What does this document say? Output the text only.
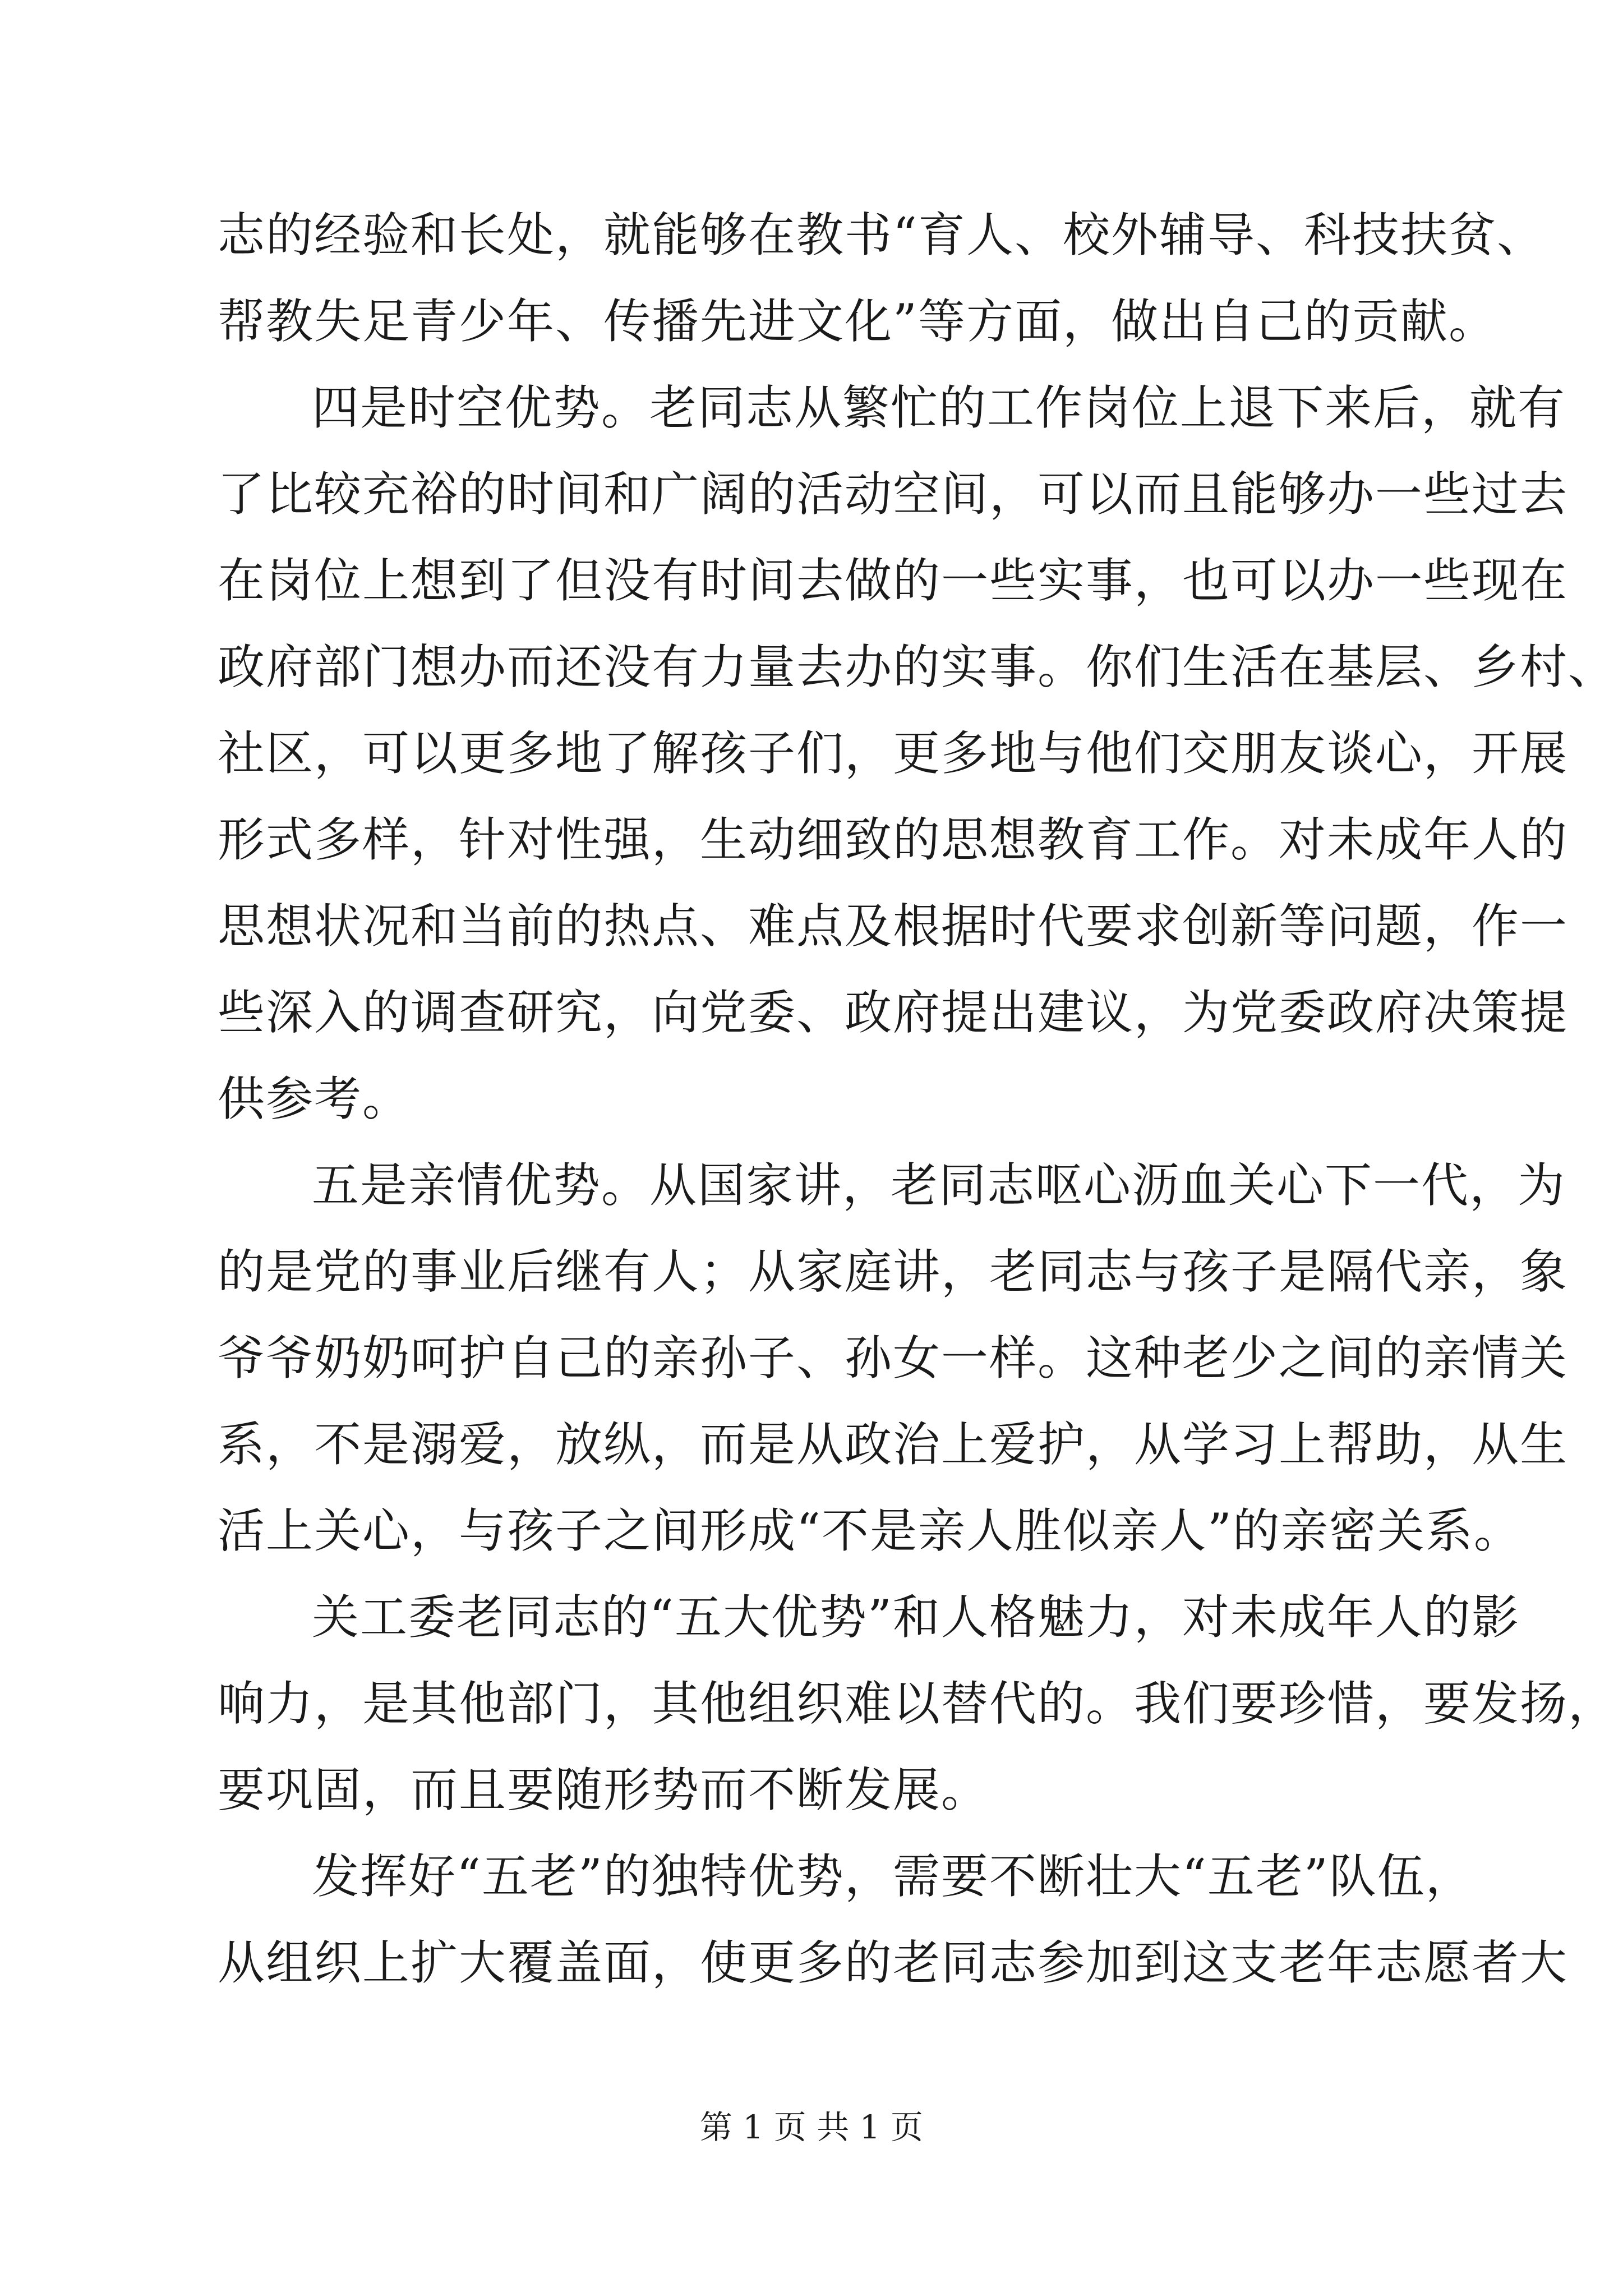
志的经验和长处，就能够在教书“育人、校外辅导、科技扶贫、
帮教失足青少年、传播先进文化”等方面，做出自己的贡献。
四是时空优势。老同志从繁忙的工作岗位上退下来后，就有
了比较充裕的时间和广阔的活动空间，可以而且能够办一些过去
在岗位上想到了但没有时间去做的一些实事，也可以办一些现在
政府部门想办而还没有力量去办的实事。你们生活在基层、乡村、
社区，可以更多地了解孩子们，更多地与他们交朋友谈心，开展
形式多样，针对性强，生动细致的思想教育工作。对未成年人的
思想状况和当前的热点、难点及根据时代要求创新等问题，作一
些深入的调查研究，向党委、政府提出建议，为党委政府决策提
供参考。
五是亲情优势。从国家讲，老同志呕心沥血关心下一代，为
的是党的事业后继有人；从家庭讲，老同志与孩子是隔代亲，象
爷爷奶奶呵护自己的亲孙子、孙女一样。这种老少之间的亲情关
系，不是溺爱，放纵，而是从政治上爱护，从学习上帮助，从生
活上关心，与孩子之间形成“不是亲人胜似亲人”的亲密关系。
关工委老同志的“五大优势”和人格魅力，对未成年人的影
响力，是其他部门，其他组织难以替代的。我们要珍惜，要发扬，
要巩固，而且要随形势而不断发展。
发挥好“五老”的独特优势，需要不断壮大“五老”队伍，
从组织上扩大覆盖面，使更多的老同志参加到这支老年志愿者大
第 1 页 共 1 页
